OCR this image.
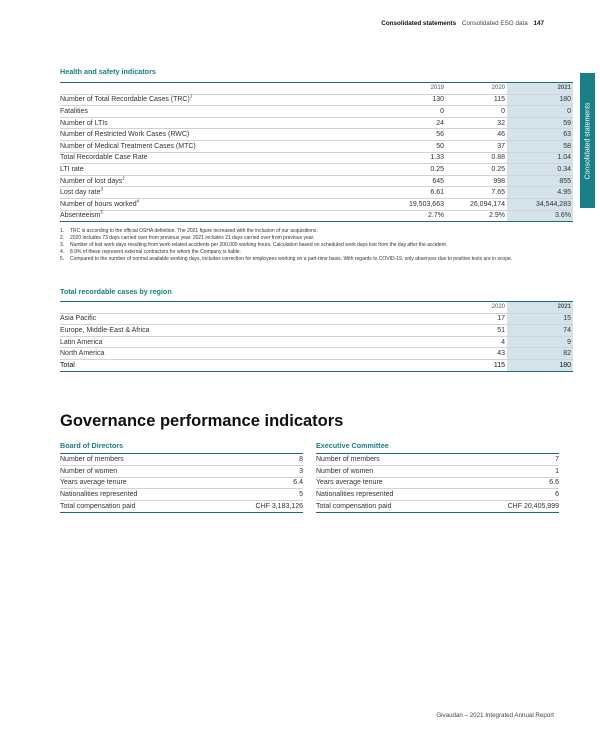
Consolidated statements Consolidated ESG data 147
Consolidated statements
Health and safety indicators
	2019	2020	2021
Number of Total Recordable Cases (TRC)$^1$	130	115	180
Fatalities	0	0	0
Number of LTIs	24	32	59
Number of Restricted Work Cases (RWC)	56	46	63
Number of Medical Treatment Cases (MTC)	50	37	58
Total Recordable Case Rate	1.33	0.88	1.04
LTI rate	0.25	0.25	0.34
Number of lost days$^2$	645	998	855
Lost day rate$^3$	6.61	7.65	4.95
Number of hours worked$^4$	19,503,663	26,094,174	34,544,283
Absenteeism$^5$	2.7%	2.9%	3.6%
1.	TRC is according to the official OSHA definition. The 2021 figure increased with the inclusion of our acquisitions.
2.	2020 includes 73 days carried over from previous year. 2021 includes 21 days carried over from previous year.
3.	Number of lost work days resulting from work-related accidents per 200,000 working hours. Calculation based on scheduled work days lost from the day after the accident.
4.	8.9% of these represent external contractors for whom the Company is liable.
5.	Compared to the number of normal available working days, includes correction for employees working on a part-time basis. With regards to COVID-19, only absences due to positive tests are in scope.
Total recordable cases by region
	2020	2021
Asia Pacific	17	15
Europe, Middle-East & Africa	51	74
Latin America	4	9
North America	43	82
Total	115	180
Governance performance indicators
Board of Directors
Number of members	8
Number of women	3
Years average tenure	6.4
Nationalities represented	5
Total compensation paid	CHF 3,183,126
Executive Committee
Number of members	7
Number of women	1
Years average tenure	6.6
Nationalities represented	6
Total compensation paid	CHF 20,405,999
Givaudan – 2021 Integrated Annual Report
